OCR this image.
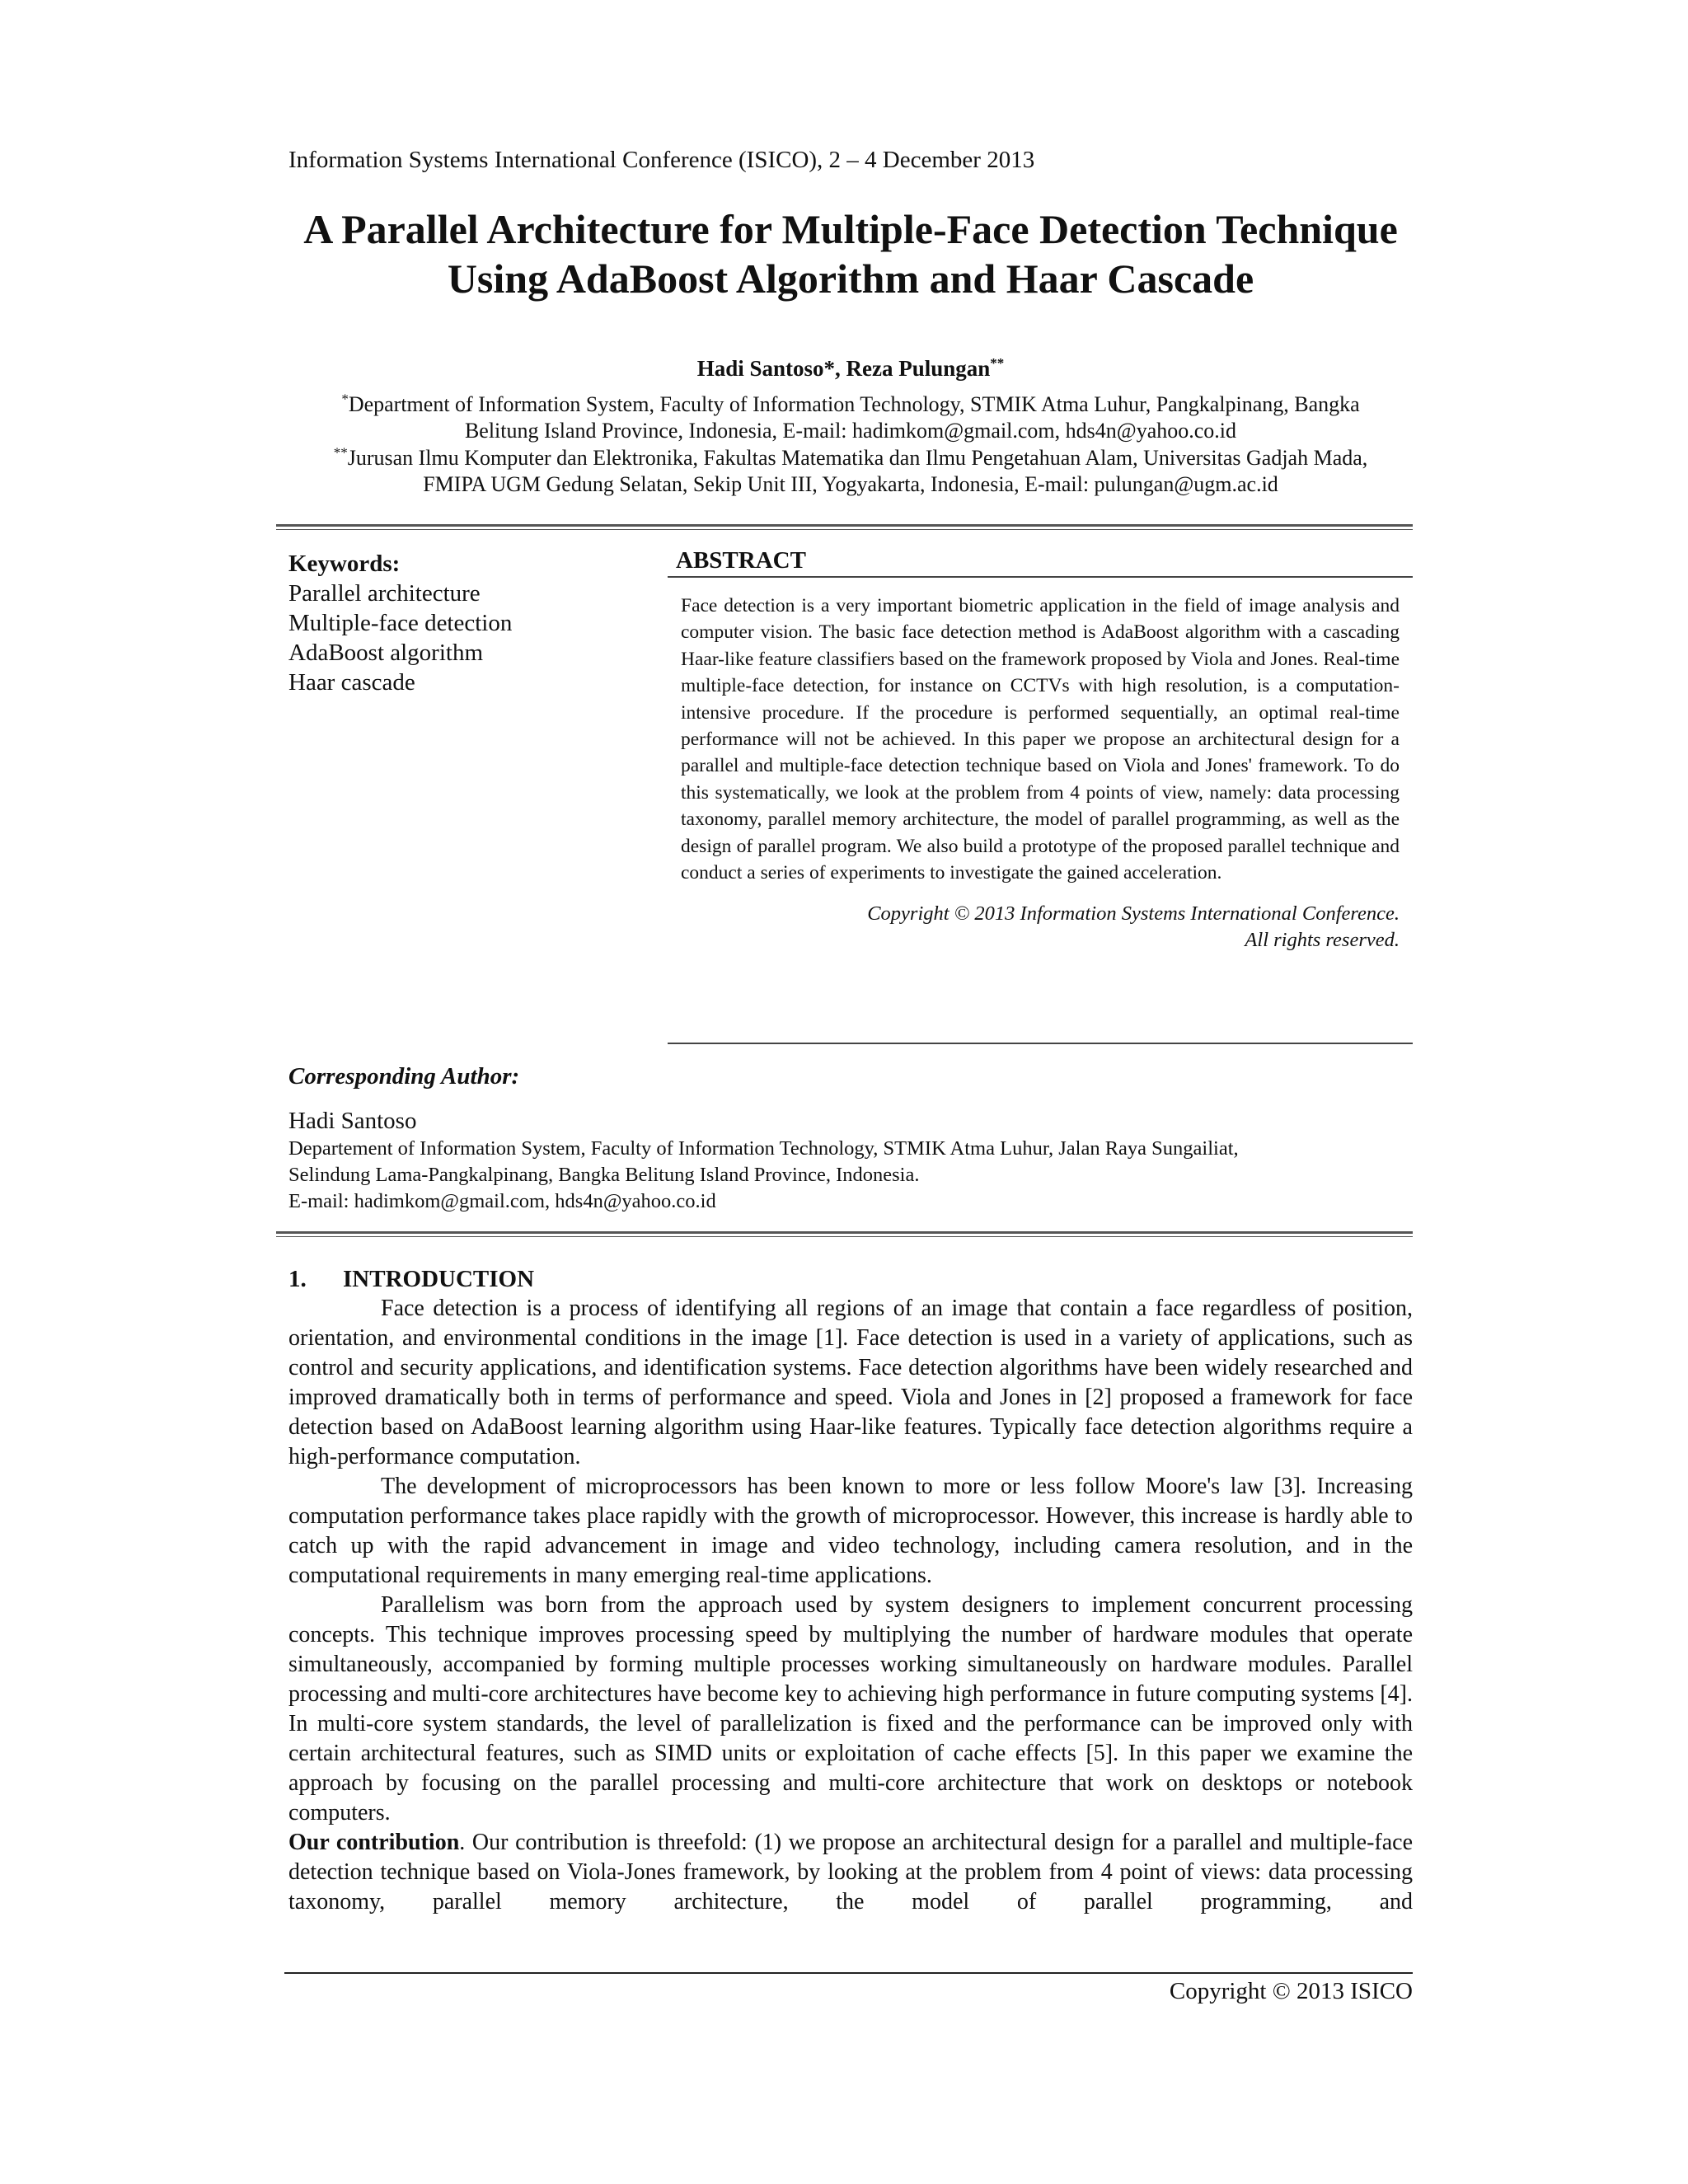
Information Systems International Conference (ISICO), 2 – 4 December 2013
A Parallel Architecture for Multiple-Face Detection Technique
Using AdaBoost Algorithm and Haar Cascade
Hadi Santoso*, Reza Pulungan**
*Department of Information System, Faculty of Information Technology, STMIK Atma Luhur, Pangkalpinang, Bangka
Belitung Island Province, Indonesia, E-mail: hadimkom@gmail.com, hds4n@yahoo.co.id
**Jurusan Ilmu Komputer dan Elektronika, Fakultas Matematika dan Ilmu Pengetahuan Alam, Universitas Gadjah Mada,
FMIPA UGM Gedung Selatan, Sekip Unit III, Yogyakarta, Indonesia, E-mail: pulungan@ugm.ac.id
Keywords:
Parallel architecture
Multiple-face detection
AdaBoost algorithm
Haar cascade
ABSTRACT
Face detection is a very important biometric application in the field of image analysis and computer vision. The basic face detection method is AdaBoost algorithm with a cascading Haar-like feature classifiers based on the framework proposed by Viola and Jones. Real-time multiple-face detection, for instance on CCTVs with high resolution, is a computation-intensive procedure. If the procedure is performed sequentially, an optimal real-time performance will not be achieved. In this paper we propose an architectural design for a parallel and multiple-face detection technique based on Viola and Jones' framework. To do this systematically, we look at the problem from 4 points of view, namely: data processing taxonomy, parallel memory architecture, the model of parallel programming, as well as the design of parallel program. We also build a prototype of the proposed parallel technique and conduct a series of experiments to investigate the gained acceleration.
Copyright © 2013 Information Systems International Conference.
All rights reserved.
Corresponding Author:
Hadi Santoso
Departement of Information System, Faculty of Information Technology, STMIK Atma Luhur, Jalan Raya Sungailiat,
Selindung Lama-Pangkalpinang, Bangka Belitung Island Province, Indonesia.
E-mail: hadimkom@gmail.com, hds4n@yahoo.co.id
1. INTRODUCTION

Face detection is a process of identifying all regions of an image that contain a face regardless of position, orientation, and environmental conditions in the image [1]. Face detection is used in a variety of applications, such as control and security applications, and identification systems. Face detection algorithms have been widely researched and improved dramatically both in terms of performance and speed. Viola and Jones in [2] proposed a framework for face detection based on AdaBoost learning algorithm using Haar-like features. Typically face detection algorithms require a high-performance computation.

The development of microprocessors has been known to more or less follow Moore's law [3]. Increasing computation performance takes place rapidly with the growth of microprocessor. However, this increase is hardly able to catch up with the rapid advancement in image and video technology, including camera resolution, and in the computational requirements in many emerging real-time applications.

Parallelism was born from the approach used by system designers to implement concurrent processing concepts. This technique improves processing speed by multiplying the number of hardware modules that operate simultaneously, accompanied by forming multiple processes working simultaneously on hardware modules. Parallel processing and multi-core architectures have become key to achieving high performance in future computing systems [4]. In multi-core system standards, the level of parallelization is fixed and the performance can be improved only with certain architectural features, such as SIMD units or exploitation of cache effects [5]. In this paper we examine the approach by focusing on the parallel processing and multi-core architecture that work on desktops or notebook computers.

Our contribution. Our contribution is threefold: (1) we propose an architectural design for a parallel and multiple-face detection technique based on Viola-Jones framework, by looking at the problem from 4 point of views: data processing taxonomy, parallel memory architecture, the model of parallel programming, and

Copyright © 2013 ISICO
